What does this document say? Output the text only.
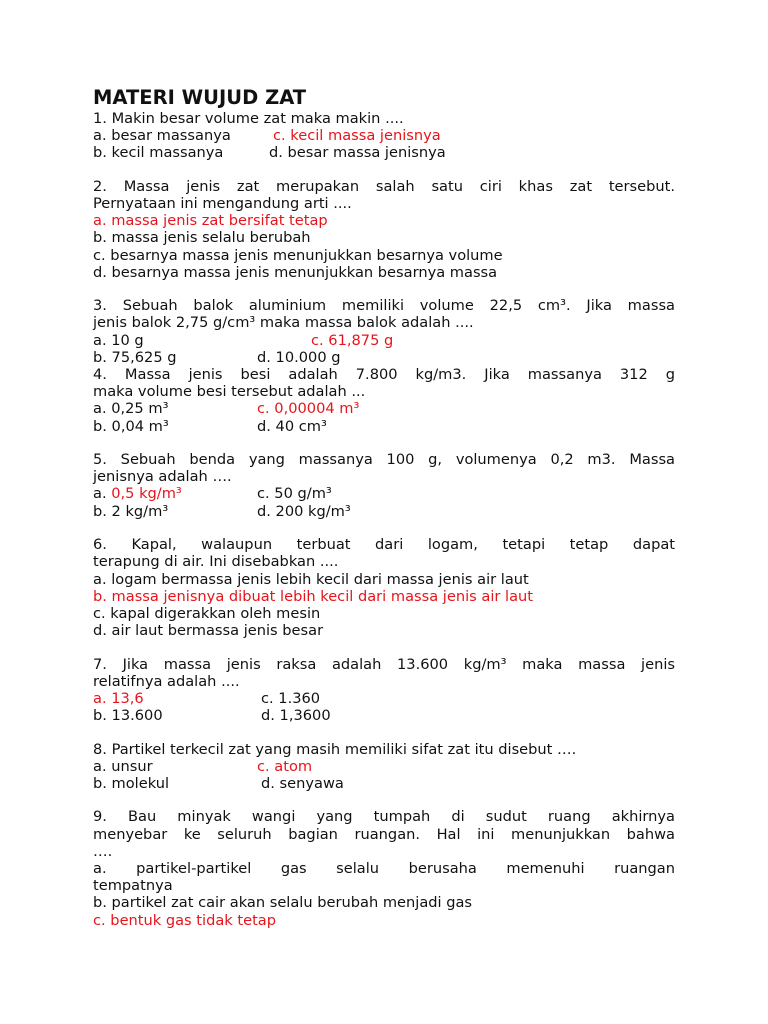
MATERI WUJUD ZAT
1. Makin besar volume zat maka makin ....
a. besar massanya	c. kecil massa jenisnya
b. kecil massanya	d. besar massa jenisnya
2. Massa jenis zat merupakan salah satu ciri khas zat tersebut.
Pernyataan ini mengandung arti ....
a. massa jenis zat bersifat tetap
b. massa jenis selalu berubah
c. besarnya massa jenis menunjukkan besarnya volume
d. besarnya massa jenis menunjukkan besarnya massa
3. Sebuah balok aluminium memiliki volume 22,5 cm³. Jika massa
jenis balok 2,75 g/cm³ maka massa balok adalah ....
a. 10 g	c. 61,875 g
b. 75,625 g	d. 10.000 g
4. Massa jenis besi adalah 7.800 kg/m3. Jika massanya 312 g
maka volume besi tersebut adalah ...
a. 0,25 m³	c. 0,00004 m³
b. 0,04 m³	d. 40 cm³
5. Sebuah benda yang massanya 100 g, volumenya 0,2 m3. Massa
jenisnya adalah ….
a. 0,5 kg/m³	c. 50 g/m³
b. 2 kg/m³	d. 200 kg/m³
6. Kapal, walaupun terbuat dari logam, tetapi tetap dapat
terapung di air. Ini disebabkan ....
a. logam bermassa jenis lebih kecil dari massa jenis air laut
b. massa jenisnya dibuat lebih kecil dari massa jenis air laut
c. kapal digerakkan oleh mesin
d. air laut bermassa jenis besar
7. Jika massa jenis raksa adalah 13.600 kg/m³ maka massa jenis
relatifnya adalah ....
a. 13,6	c. 1.360
b. 13.600	d. 1,3600
8. Partikel terkecil zat yang masih memiliki sifat zat itu disebut ….
a. unsur	c. atom
b. molekul	d. senyawa
9. Bau minyak wangi yang tumpah di sudut ruang akhirnya
menyebar ke seluruh bagian ruangan. Hal ini menunjukkan bahwa
….
a. partikel-partikel gas selalu berusaha memenuhi ruangan
tempatnya
b. partikel zat cair akan selalu berubah menjadi gas
c. bentuk gas tidak tetap
